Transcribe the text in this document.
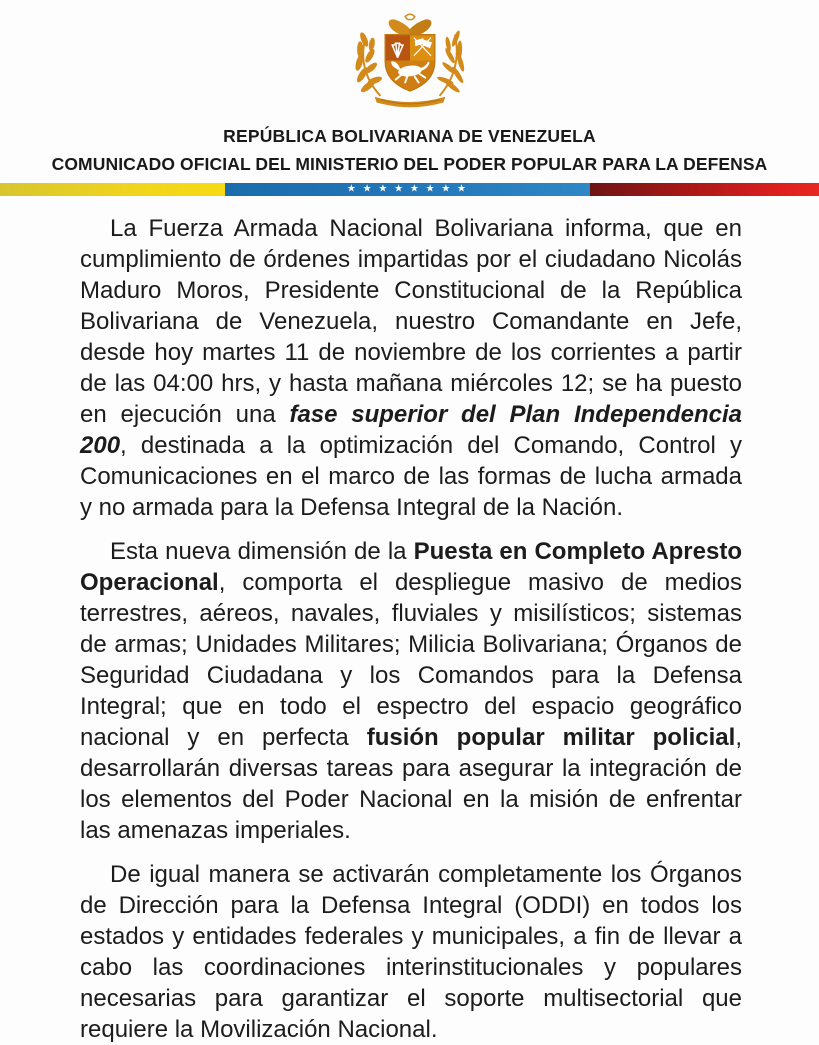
REPÚBLICA BOLIVARIANA DE VENEZUELA
COMUNICADO OFICIAL DEL MINISTERIO DEL PODER POPULAR PARA LA DEFENSA
★ ★ ★ ★ ★ ★ ★ ★

La Fuerza Armada Nacional Bolivariana informa, que en cumplimiento de órdenes impartidas por el ciudadano Nicolás Maduro Moros, Presidente Constitucional de la República Bolivariana de Venezuela, nuestro Comandante en Jefe, desde hoy martes 11 de noviembre de los corrientes a partir de las 04:00 hrs, y hasta mañana miércoles 12; se ha puesto en ejecución una fase superior del Plan Independencia 200, destinada a la optimización del Comando, Control y Comunicaciones en el marco de las formas de lucha armada y no armada para la Defensa Integral de la Nación.

Esta nueva dimensión de la Puesta en Completo Apresto Operacional, comporta el despliegue masivo de medios terrestres, aéreos, navales, fluviales y misilísticos; sistemas de armas; Unidades Militares; Milicia Bolivariana; Órganos de Seguridad Ciudadana y los Comandos para la Defensa Integral; que en todo el espectro del espacio geográfico nacional y en perfecta fusión popular militar policial, desarrollarán diversas tareas para asegurar la integración de los elementos del Poder Nacional en la misión de enfrentar las amenazas imperiales.

De igual manera se activarán completamente los Órganos de Dirección para la Defensa Integral (ODDI) en todos los estados y entidades federales y municipales, a fin de llevar a cabo las coordinaciones interinstitucionales y populares necesarias para garantizar el soporte multisectorial que requiere la Movilización Nacional.
